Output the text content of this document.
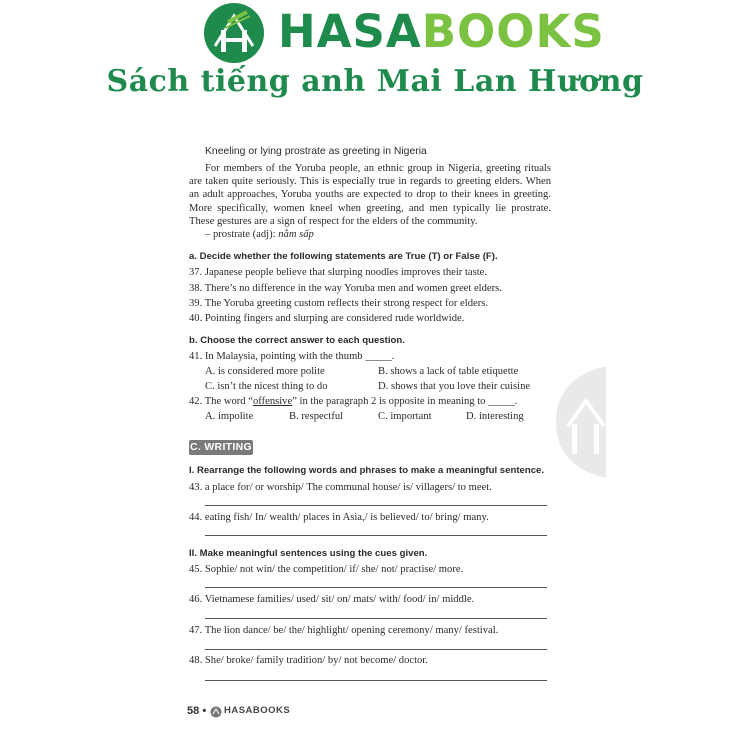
HASABOOKS
Sách tiếng anh Mai Lan Hương
Kneeling or lying prostrate as greeting in Nigeria
For members of the Yoruba people, an ethnic group in Nigeria, greeting rituals are taken quite seriously. This is especially true in regards to greeting elders. When an adult approaches, Yoruba youths are expected to drop to their knees in greeting. More specifically, women kneel when greeting, and men typically lie prostrate. These gestures are a sign of respect for the elders of the community.
– prostrate (adj): nằm sấp
a. Decide whether the following statements are True (T) or False (F).
37. Japanese people believe that slurping noodles improves their taste.
38. There’s no difference in the way Yoruba men and women greet elders.
39. The Yoruba greeting custom reflects their strong respect for elders.
40. Pointing fingers and slurping are considered rude worldwide.
b. Choose the correct answer to each question.
41. In Malaysia, pointing with the thumb _____.
A. is considered more polite	B. shows a lack of table etiquette
C. isn’t the nicest thing to do	D. shows that you love their cuisine
42. The word “offensive” in the paragraph 2 is opposite in meaning to _____.
A. impolite	B. respectful	C. important	D. interesting
C. WRITING
I. Rearrange the following words and phrases to make a meaningful sentence.
43. a place for/ or worship/ The communal house/ is/ villagers/ to meet.
44. eating fish/ In/ wealth/ places in Asia,/ is believed/ to/ bring/ many.
II. Make meaningful sentences using the cues given.
45. Sophie/ not win/ the competition/ if/ she/ not/ practise/ more.
46. Vietnamese families/ used/ sit/ on/ mats/ with/ food/ in/ middle.
47. The lion dance/ be/ the/ highlight/ opening ceremony/ many/ festival.
48. She/ broke/ family tradition/ by/ not become/ doctor.
58 • HASABOOKS
